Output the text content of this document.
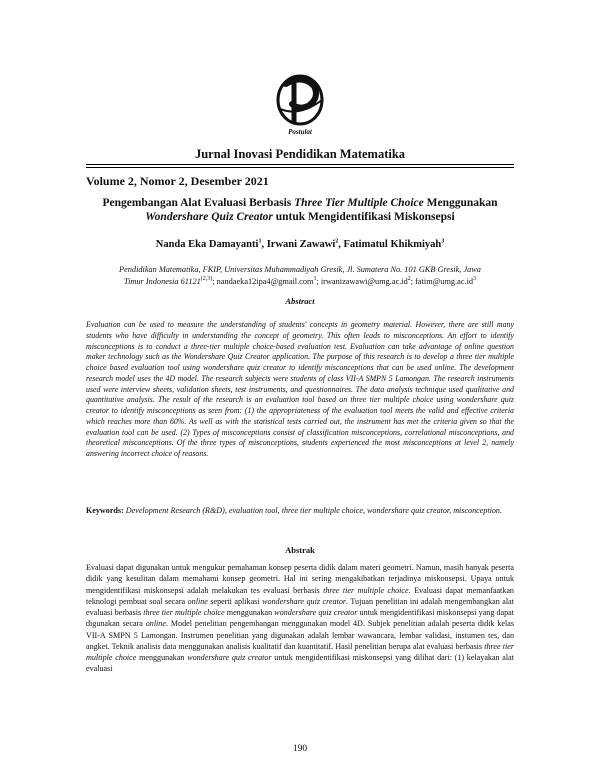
Postulat
Jurnal Inovasi Pendidikan Matematika
Volume 2, Nomor 2, Desember 2021
Pengembangan Alat Evaluasi Berbasis Three Tier Multiple Choice Menggunakan
Wondershare Quiz Creator untuk Mengidentifikasi Miskonsepsi
Nanda Eka Damayanti$^1$, Irwani Zawawi$^2$, Fatimatul Khikmiyah$^3$
Pendidikan Matematika, FKIP, Universitas Muhammadiyah Gresik, Jl. Sumatera No. 101 GKB Gresik, Jawa
Timur Indonesia 61121$^{(2,3)}$; nandaeka12ipa4@gmail.com$^1$; $irwanizawawi@umg.ac.id^2$; $fatim@umg.ac.id^3$
Abstract
Evaluation can be used to measure the understanding of students' concepts in geometry material. However, there are still many students who have difficulty in understanding the concept of geometry. This often leads to misconceptions. An effort to identify misconceptions is to conduct a three-tier multiple choice-based evaluation test. Evaluation can take advantage of online question maker technology such as the Wondershare Quiz Creator application. The purpose of this research is to develop a three tier multiple choice based evaluation tool using wondershare quiz creator to identify misconceptions that can be used online. The development research model uses the 4D model. The research subjects were students of class VII-A SMPN 5 Lamongan. The research instruments used were interview sheets, validation sheets, test instruments, and questionnaires. The data analysis technique used qualitative and quantitative analysis. The result of the research is an evaluation tool based on three tier multiple choice using wondershare quiz creator to identify misconceptions as seen from: (1) the appropriateness of the evaluation tool meets the valid and effective criteria which reaches more than 60%. As well as with the statistical tests carried out, the instrument has met the criteria given so that the evaluation tool can be used. (2) Types of misconceptions consist of classification misconceptions, correlational misconceptions, and theoretical misconceptions. Of the three types of misconceptions, students experienced the most misconceptions at level 2, namely answering incorrect choice of reasons.
Keywords: Development Research (R&D), evaluation tool, three tier multiple choice, wondershare quiz creator, misconception.
Abstrak
Evaluasi dapat digunakan untuk mengukur pemahaman konsep peserta didik dalam materi geometri. Namun, masih banyak peserta didik yang kesulitan dalam memahami konsep geometri. Hal ini sering mengakibatkan terjadinya miskonsepsi. Upaya untuk mengidentifikasi miskonsepsi adalah melakukan tes evaluasi berbasis three tier multiple choice. Evaluasi dapat memanfaatkan teknologi pembuat soal secara online seperti aplikasi wondershare quiz creator. Tujuan penelitian ini adalah mengembangkan alat evaluasi berbasis three tier multiple choice menggunakan wondershare quiz creator untuk mengidentifikasi miskonsepsi yang dapat digunakan secara online. Model penelitian pengembangan menggunakan model 4D. Subjek penelitian adalah peserta didik kelas VII-A SMPN 5 Lamongan. Instrumen penelitian yang digunakan adalah lembar wawancara, lembar validasi, instumen tes, dan angket. Teknik analisis data menggunakan analisis kualitatif dan kuantitatif. Hasil penelitian berupa alat evaluasi berbasis three tier multiple choice menggunakan wondershare quiz creator untuk mengidentifikasi miskonsepsi yang dilihat dari: (1) kelayakan alat evaluasi
190
